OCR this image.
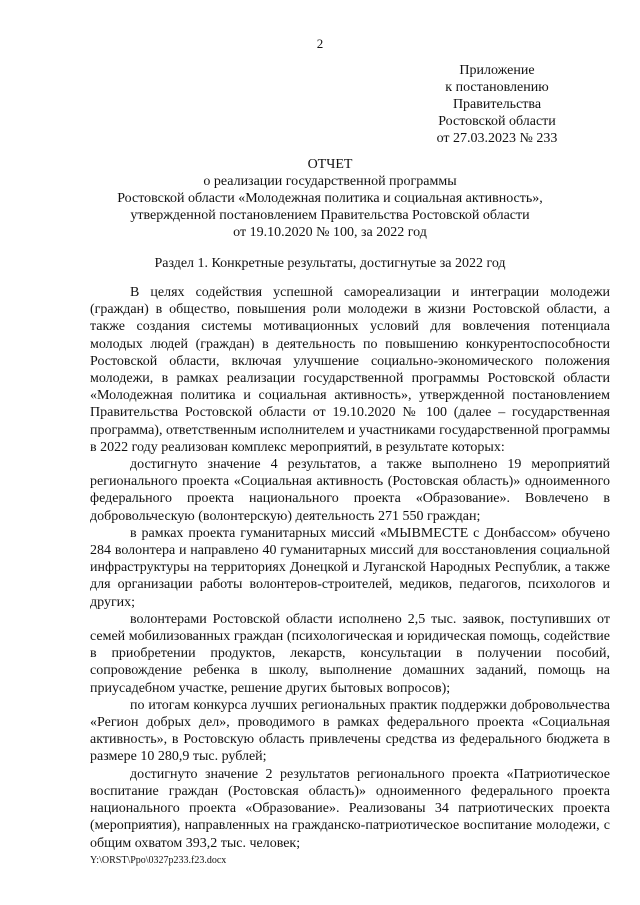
2
Приложение
к постановлению
Правительства
Ростовской области
от 27.03.2023 № 233
ОТЧЕТ
о реализации государственной программы
Ростовской области «Молодежная политика и социальная активность»,
утвержденной постановлением Правительства Ростовской области
от 19.10.2020 № 100, за 2022 год
Раздел 1. Конкретные результаты, достигнутые за 2022 год

В целях содействия успешной самореализации и интеграции молодежи (граждан) в общество, повышения роли молодежи в жизни Ростовской области, а также создания системы мотивационных условий для вовлечения потенциала молодых людей (граждан) в деятельность по повышению конкурентоспособности Ростовской области, включая улучшение социально-экономического положения молодежи, в рамках реализации государственной программы Ростовской области «Молодежная политика и социальная активность», утвержденной постановлением Правительства Ростовской области от 19.10.2020 № 100 (далее – государственная программа), ответственным исполнителем и участниками государственной программы в 2022 году реализован комплекс мероприятий, в результате которых:

достигнуто значение 4 результатов, а также выполнено 19 мероприятий регионального проекта «Социальная активность (Ростовская область)» одноименного федерального проекта национального проекта «Образование». Вовлечено в добровольческую (волонтерскую) деятельность 271 550 граждан;

в рамках проекта гуманитарных миссий «МЫВМЕСТЕ с Донбассом» обучено 284 волонтера и направлено 40 гуманитарных миссий для восстановления социальной инфраструктуры на территориях Донецкой и Луганской Народных Республик, а также для организации работы волонтеров-строителей, медиков, педагогов, психологов и других;

волонтерами Ростовской области исполнено 2,5 тыс. заявок, поступивших от семей мобилизованных граждан (психологическая и юридическая помощь, содействие в приобретении продуктов, лекарств, консультации в получении пособий, сопровождение ребенка в школу, выполнение домашних заданий, помощь на приусадебном участке, решение других бытовых вопросов);

по итогам конкурса лучших региональных практик поддержки добровольчества «Регион добрых дел», проводимого в рамках федерального проекта «Социальная активность», в Ростовскую область привлечены средства из федерального бюджета в размере 10 280,9 тыс. рублей;

достигнуто значение 2 результатов регионального проекта «Патриотическое воспитание граждан (Ростовская область)» одноименного федерального проекта национального проекта «Образование». Реализованы 34 патриотических проекта (мероприятия), направленных на гражданско-патриотическое воспитание молодежи, с общим охватом 393,2 тыс. человек;

Y:\ORST\Ppo\0327p233.f23.docx
